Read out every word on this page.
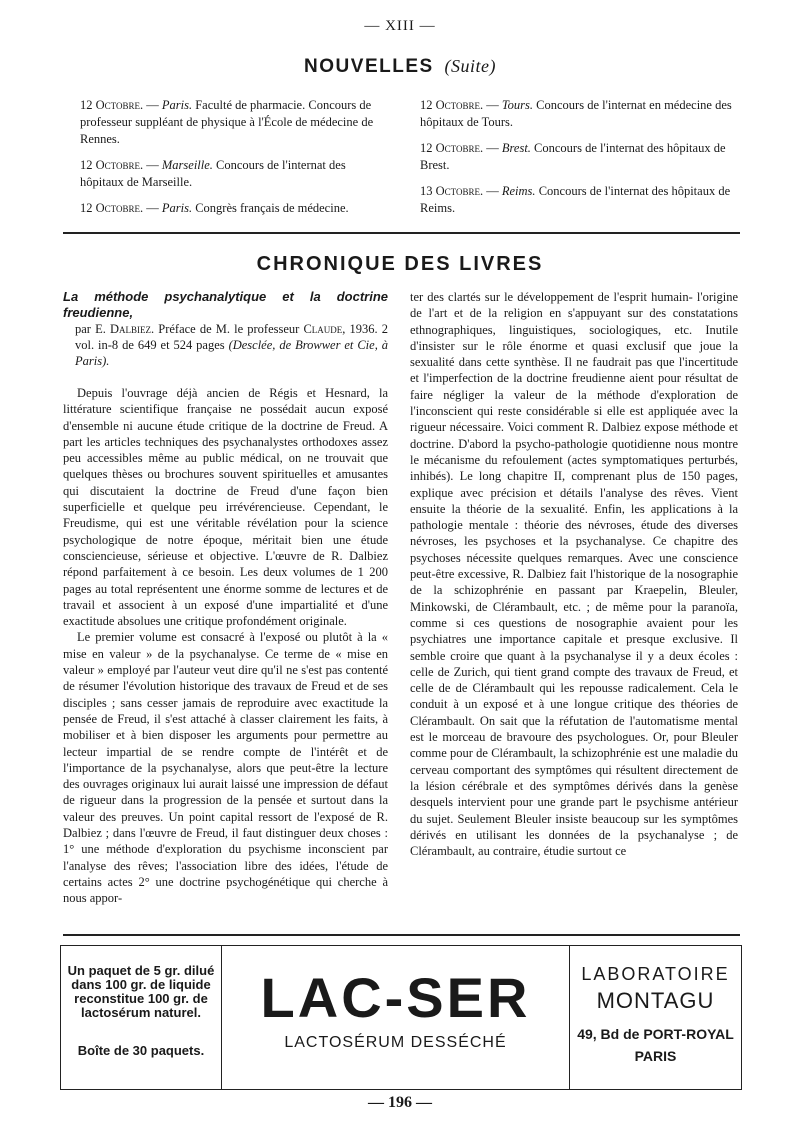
— XIII —
NOUVELLES (Suite)

12 Octobre. — Paris. Faculté de pharmacie. Concours de professeur suppléant de physique à l'École de médecine de Rennes.

12 Octobre. — Marseille. Concours de l'internat des hôpitaux de Marseille.

12 Octobre. — Paris. Congrès français de médecine.

12 Octobre. — Tours. Concours de l'internat en médecine des hôpitaux de Tours.

12 Octobre. — Brest. Concours de l'internat des hôpitaux de Brest.

13 Octobre. — Reims. Concours de l'internat des hôpitaux de Reims.

CHRONIQUE DES LIVRES
La méthode psychanalytique et la doctrine freudienne,
par E. Dalbiez. Préface de M. le professeur Claude, 1936. 2 vol. in-8 de 649 et 524 pages (Desclée, de Browwer et Cie, à Paris).

Depuis l'ouvrage déjà ancien de Régis et Hesnard, la littérature scientifique française ne possédait aucun exposé d'ensemble ni aucune étude critique de la doctrine de Freud. A part les articles techniques des psychanalystes orthodoxes assez peu accessibles même au public médical, on ne trouvait que quelques thèses ou brochures souvent spirituelles et amusantes qui discutaient la doctrine de Freud d'une façon bien superficielle et quelque peu irrévérencieuse. Cependant, le Freudisme, qui est une véritable révélation pour la science psychologique de notre époque, méritait bien une étude consciencieuse, sérieuse et objective. L'œuvre de R. Dalbiez répond parfaitement à ce besoin. Les deux volumes de 1 200 pages au total représentent une énorme somme de lectures et de travail et associent à un exposé d'une impartialité et d'une exactitude absolues une critique profondément originale.

Le premier volume est consacré à l'exposé ou plutôt à la « mise en valeur » de la psychanalyse. Ce terme de « mise en valeur » employé par l'auteur veut dire qu'il ne s'est pas contenté de résumer l'évolution historique des travaux de Freud et de ses disciples ; sans cesser jamais de reproduire avec exactitude la pensée de Freud, il s'est attaché à classer clairement les faits, à mobiliser et à bien disposer les arguments pour permettre au lecteur impartial de se rendre compte de l'intérêt et de l'importance de la psychanalyse, alors que peut-être la lecture des ouvrages originaux lui aurait laissé une impression de défaut de rigueur dans la progression de la pensée et surtout dans la valeur des preuves. Un point capital ressort de l'exposé de R. Dalbiez ; dans l'œuvre de Freud, il faut distinguer deux choses : 1° une méthode d'exploration du psychisme inconscient par l'analyse des rêves; l'association libre des idées, l'étude de certains actes 2° une doctrine psychogénétique qui cherche à nous appor-

ter des clartés sur le développement de l'esprit humain- l'origine de l'art et de la religion en s'appuyant sur des constatations ethnographiques, linguistiques, sociologiques, etc. Inutile d'insister sur le rôle énorme et quasi exclusif que joue la sexualité dans cette synthèse. Il ne faudrait pas que l'incertitude et l'imperfection de la doctrine freudienne aient pour résultat de faire négliger la valeur de la méthode d'exploration de l'inconscient qui reste considérable si elle est appliquée avec la rigueur nécessaire. Voici comment R. Dalbiez expose méthode et doctrine. D'abord la psycho-pathologie quotidienne nous montre le mécanisme du refoulement (actes symptomatiques perturbés, inhibés). Le long chapitre II, comprenant plus de 150 pages, explique avec précision et détails l'analyse des rêves. Vient ensuite la théorie de la sexualité. Enfin, les applications à la pathologie mentale : théorie des névroses, étude des diverses névroses, les psychoses et la psychanalyse. Ce chapitre des psychoses nécessite quelques remarques. Avec une conscience peut-être excessive, R. Dalbiez fait l'historique de la nosographie de la schizophrénie en passant par Kraepelin, Bleuler, Minkowski, de Clérambault, etc. ; de même pour la paranoïa, comme si ces questions de nosographie avaient pour les psychiatres une importance capitale et presque exclusive. Il semble croire que quant à la psychanalyse il y a deux écoles : celle de Zurich, qui tient grand compte des travaux de Freud, et celle de de Clérambault qui les repousse radicalement. Cela le conduit à un exposé et à une longue critique des théories de Clérambault. On sait que la réfutation de l'automatisme mental est le morceau de bravoure des psychologues. Or, pour Bleuler comme pour de Clérambault, la schizophrénie est une maladie du cerveau comportant des symptômes qui résultent directement de la lésion cérébrale et des symptômes dérivés dans la genèse desquels intervient pour une grande part le psychisme antérieur du sujet. Seulement Bleuler insiste beaucoup sur les symptômes dérivés en utilisant les données de la psychanalyse ; de Clérambault, au contraire, étudie surtout ce

Un paquet de 5 gr. dilué dans 100 gr. de liquide reconstitue 100 gr. de lactosérum naturel.
Boîte de 30 paquets.
LAC-SER
LACTOSÉRUM DESSÉCHÉ
LABORATOIRE
MONTAGU
49, Bd de PORT-ROYAL
PARIS
— 196 —
